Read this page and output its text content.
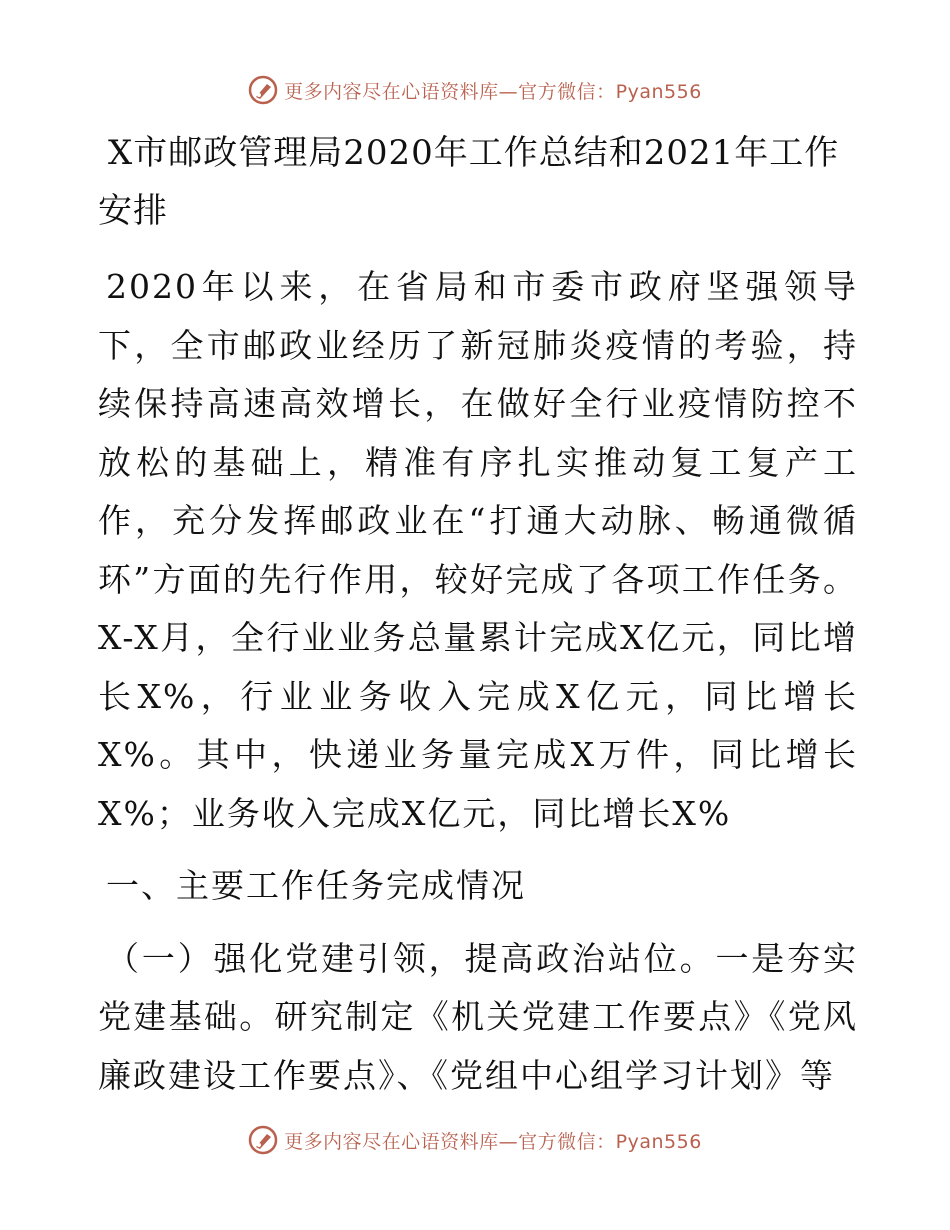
更多内容尽在心语资料库—官方微信：Pyan556
X市邮政管理局2020年工作总结和2021年工作安排

2020年以来，在省局和市委市政府坚强领导下，全市邮政业经历了新冠肺炎疫情的考验，持续保持高速高效增长，在做好全行业疫情防控不放松的基础上，精准有序扎实推动复工复产工作，充分发挥邮政业在“打通大动脉、畅通微循环”方面的先行作用，较好完成了各项工作任务。X-X月，全行业业务总量累计完成X亿元，同比增长X%，行业业务收入完成X亿元，同比增长X%。其中，快递业务量完成X万件，同比增长X%；业务收入完成X亿元，同比增长X%

一、主要工作任务完成情况

（一）强化党建引领，提高政治站位。一是夯实党建基础。研究制定《机关党建工作要点》《党风廉政建设工作要点》、《党组中心组学习计划》等

更多内容尽在心语资料库—官方微信：Pyan556
